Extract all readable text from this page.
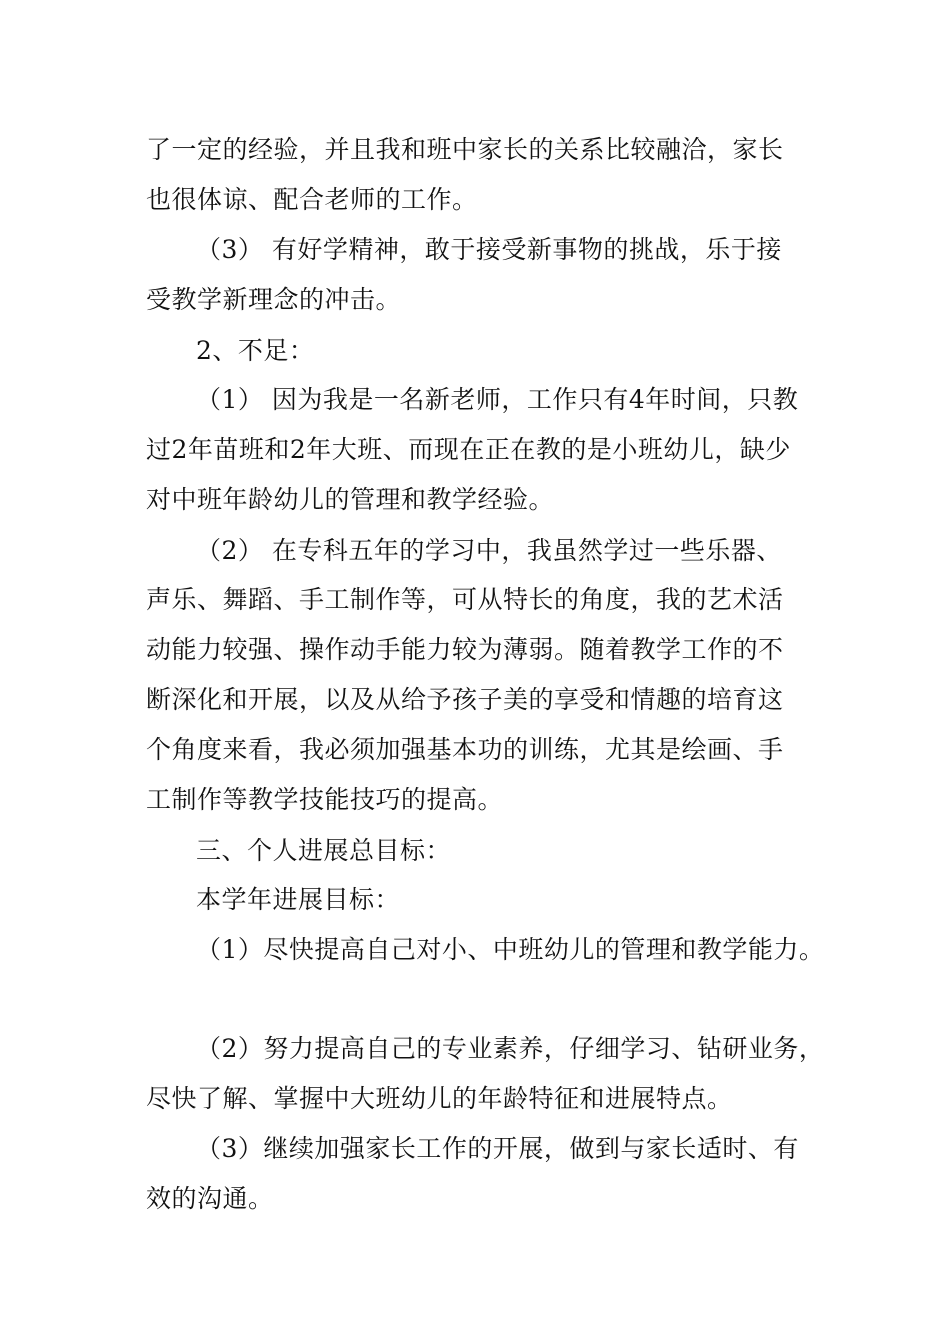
了一定的经验，并且我和班中家长的关系比较融洽，家长
也很体谅、配合老师的工作。
（3） 有好学精神，敢于接受新事物的挑战，乐于接
受教学新理念的冲击。
2、不足：
（1） 因为我是一名新老师，工作只有4年时间，只教
过2年苗班和2年大班、而现在正在教的是小班幼儿，缺少
对中班年龄幼儿的管理和教学经验。
（2） 在专科五年的学习中，我虽然学过一些乐器、
声乐、舞蹈、手工制作等，可从特长的角度，我的艺术活
动能力较强、操作动手能力较为薄弱。随着教学工作的不
断深化和开展，以及从给予孩子美的享受和情趣的培育这
个角度来看，我必须加强基本功的训练，尤其是绘画、手
工制作等教学技能技巧的提高。
三、个人进展总目标：
本学年进展目标：
（1）尽快提高自己对小、中班幼儿的管理和教学能力。
（2）努力提高自己的专业素养，仔细学习、钻研业务，
尽快了解、掌握中大班幼儿的年龄特征和进展特点。
（3）继续加强家长工作的开展，做到与家长适时、有
效的沟通。
